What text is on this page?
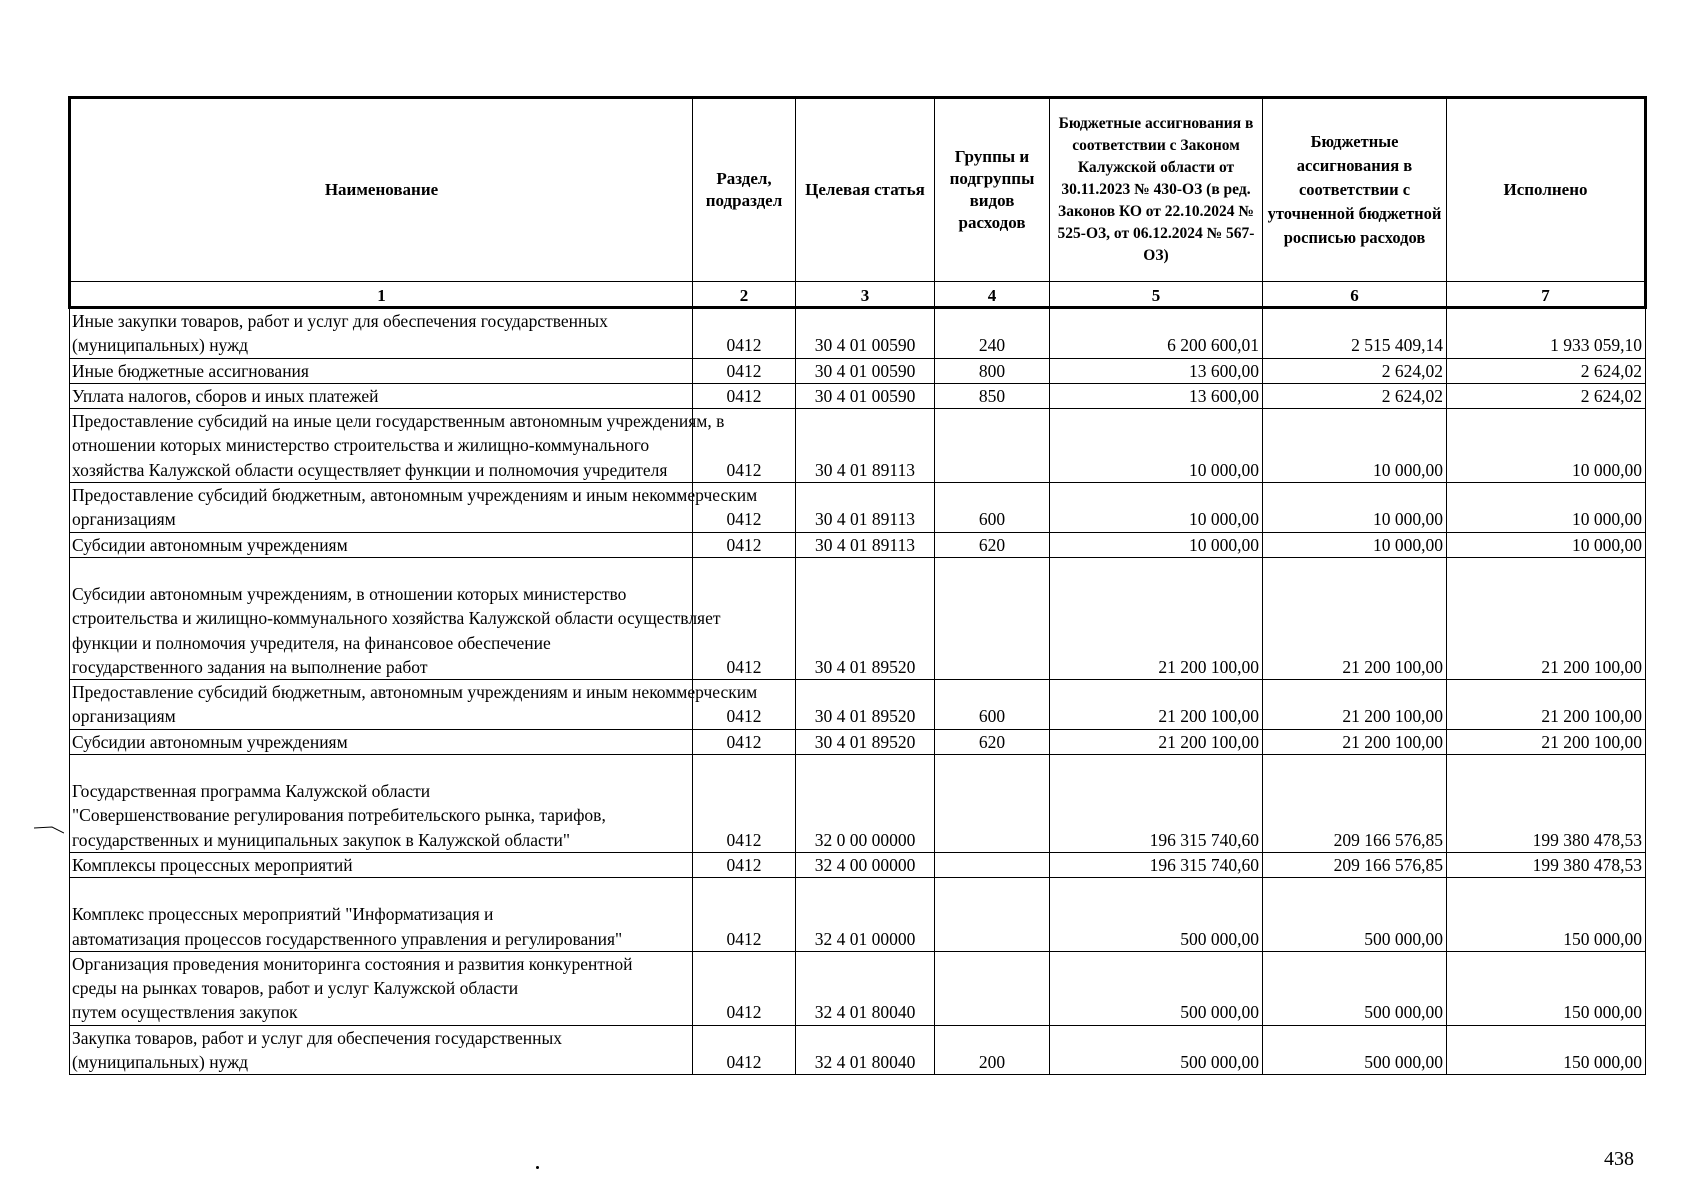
Наименование	Раздел, подраздел	Целевая статья	Группы и подгруппы видов расходов	Бюджетные ассигнования в соответствии с Законом Калужской области от 30.11.2023 № 430-ОЗ (в ред. Законов КО от 22.10.2024 № 525-ОЗ, от 06.12.2024 № 567-ОЗ)	Бюджетные ассигнования в соответствии с уточненной бюджетной росписью расходов	Исполнено
1	2	3	4	5	6	7

Иные закупки товаров, работ и услуг для обеспечения государственных
(муниципальных) нужд	0412	30 4 01 00590	240	6 200 600,01	2 515 409,14	1 933 059,10
Иные бюджетные ассигнования	0412	30 4 01 00590	800	13 600,00	2 624,02	2 624,02
Уплата налогов, сборов и иных платежей	0412	30 4 01 00590	850	13 600,00	2 624,02	2 624,02

Предоставление субсидий на иные цели государственным автономным учреждениям, в
отношении которых министерство строительства и жилищно-коммунального
хозяйства Калужской области осуществляет функции и полномочия учредителя	0412	30 4 01 89113		10 000,00	10 000,00	10 000,00

Предоставление субсидий бюджетным, автономным учреждениям и иным некоммерческим
организациям	0412	30 4 01 89113	600	10 000,00	10 000,00	10 000,00
Субсидии автономным учреждениям	0412	30 4 01 89113	620	10 000,00	10 000,00	10 000,00

Субсидии автономным учреждениям, в отношении которых министерство
строительства и жилищно-коммунального хозяйства Калужской области осуществляет
функции и полномочия учредителя, на финансовое обеспечение
государственного задания на выполнение работ	0412	30 4 01 89520		21 200 100,00	21 200 100,00	21 200 100,00

Предоставление субсидий бюджетным, автономным учреждениям и иным некоммерческим
организациям	0412	30 4 01 89520	600	21 200 100,00	21 200 100,00	21 200 100,00
Субсидии автономным учреждениям	0412	30 4 01 89520	620	21 200 100,00	21 200 100,00	21 200 100,00

Государственная программа Калужской области
"Совершенствование регулирования потребительского рынка, тарифов,
государственных и муниципальных закупок в Калужской области"	0412	32 0 00 00000		196 315 740,60	209 166 576,85	199 380 478,53
Комплексы процессных мероприятий	0412	32 4 00 00000		196 315 740,60	209 166 576,85	199 380 478,53

Комплекс процессных мероприятий "Информатизация и
автоматизация процессов государственного управления и регулирования"	0412	32 4 01 00000		500 000,00	500 000,00	150 000,00

Организация проведения мониторинга состояния и развития конкурентной
среды на рынках товаров, работ и услуг Калужской области
путем осуществления закупок	0412	32 4 01 80040		500 000,00	500 000,00	150 000,00

Закупка товаров, работ и услуг для обеспечения государственных
(муниципальных) нужд	0412	32 4 01 80040	200	500 000,00	500 000,00	150 000,00
438
